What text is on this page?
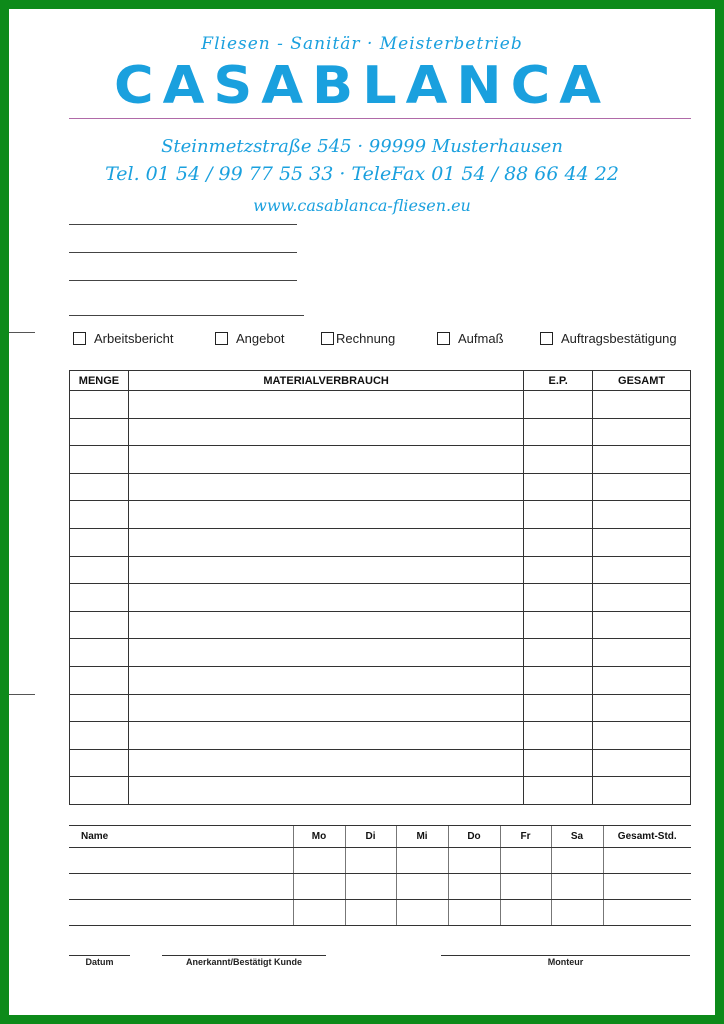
Fliesen - Sanitär · Meisterbetrieb
CASABLANCA
Steinmetzstraße 545 · 99999 Musterhausen
Tel. 01 54 / 99 77 55 33 · TeleFax 01 54 / 88 66 44 22
www.casablanca-fliesen.eu
Arbeitsbericht	Angebot	Rechnung	Aufmaß	Auftragsbestätigung
MENGE	MATERIALVERBRAUCH	E.P.	GESAMT

Name	Mo	Di	Mi	Do	Fr	Sa	Gesamt-Std.

Datum	Anerkannt/Bestätigt Kunde	Monteur
